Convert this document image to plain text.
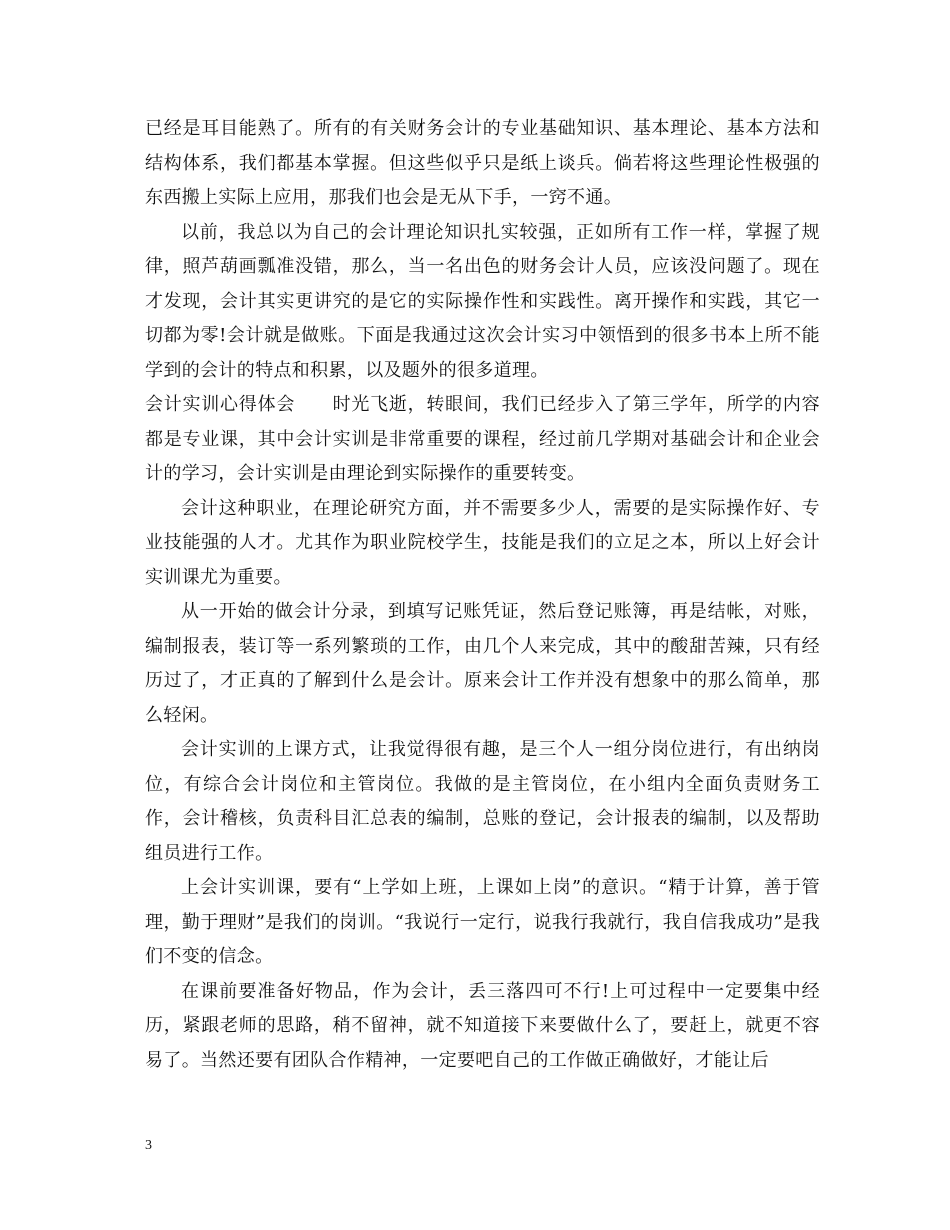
已经是耳目能熟了。所有的有关财务会计的专业基础知识、基本理论、基本方法和结构体系，我们都基本掌握。但这些似乎只是纸上谈兵。倘若将这些理论性极强的东西搬上实际上应用，那我们也会是无从下手，一窍不通。

以前，我总以为自己的会计理论知识扎实较强，正如所有工作一样，掌握了规律，照芦葫画瓢准没错，那么，当一名出色的财务会计人员，应该没问题了。现在才发现，会计其实更讲究的是它的实际操作性和实践性。离开操作和实践，其它一切都为零!会计就是做账。下面是我通过这次会计实习中领悟到的很多书本上所不能学到的会计的特点和积累，以及题外的很多道理。

会计实训心得体会　　时光飞逝，转眼间，我们已经步入了第三学年，所学的内容都是专业课，其中会计实训是非常重要的课程，经过前几学期对基础会计和企业会计的学习，会计实训是由理论到实际操作的重要转变。

会计这种职业，在理论研究方面，并不需要多少人，需要的是实际操作好、专业技能强的人才。尤其作为职业院校学生，技能是我们的立足之本，所以上好会计实训课尤为重要。

从一开始的做会计分录，到填写记账凭证，然后登记账簿，再是结帐，对账，编制报表，装订等一系列繁琐的工作，由几个人来完成，其中的酸甜苦辣，只有经历过了，才正真的了解到什么是会计。原来会计工作并没有想象中的那么简单，那么轻闲。

会计实训的上课方式，让我觉得很有趣，是三个人一组分岗位进行，有出纳岗位，有综合会计岗位和主管岗位。我做的是主管岗位，在小组内全面负责财务工作，会计稽核，负责科目汇总表的编制，总账的登记，会计报表的编制，以及帮助组员进行工作。

上会计实训课，要有“上学如上班，上课如上岗”的意识。“精于计算，善于管理，勤于理财”是我们的岗训。“我说行一定行，说我行我就行，我自信我成功”是我们不变的信念。

在课前要准备好物品，作为会计，丢三落四可不行!上可过程中一定要集中经历，紧跟老师的思路，稍不留神，就不知道接下来要做什么了，要赶上，就更不容易了。当然还要有团队合作精神，一定要吧自己的工作做正确做好，才能让后

3
